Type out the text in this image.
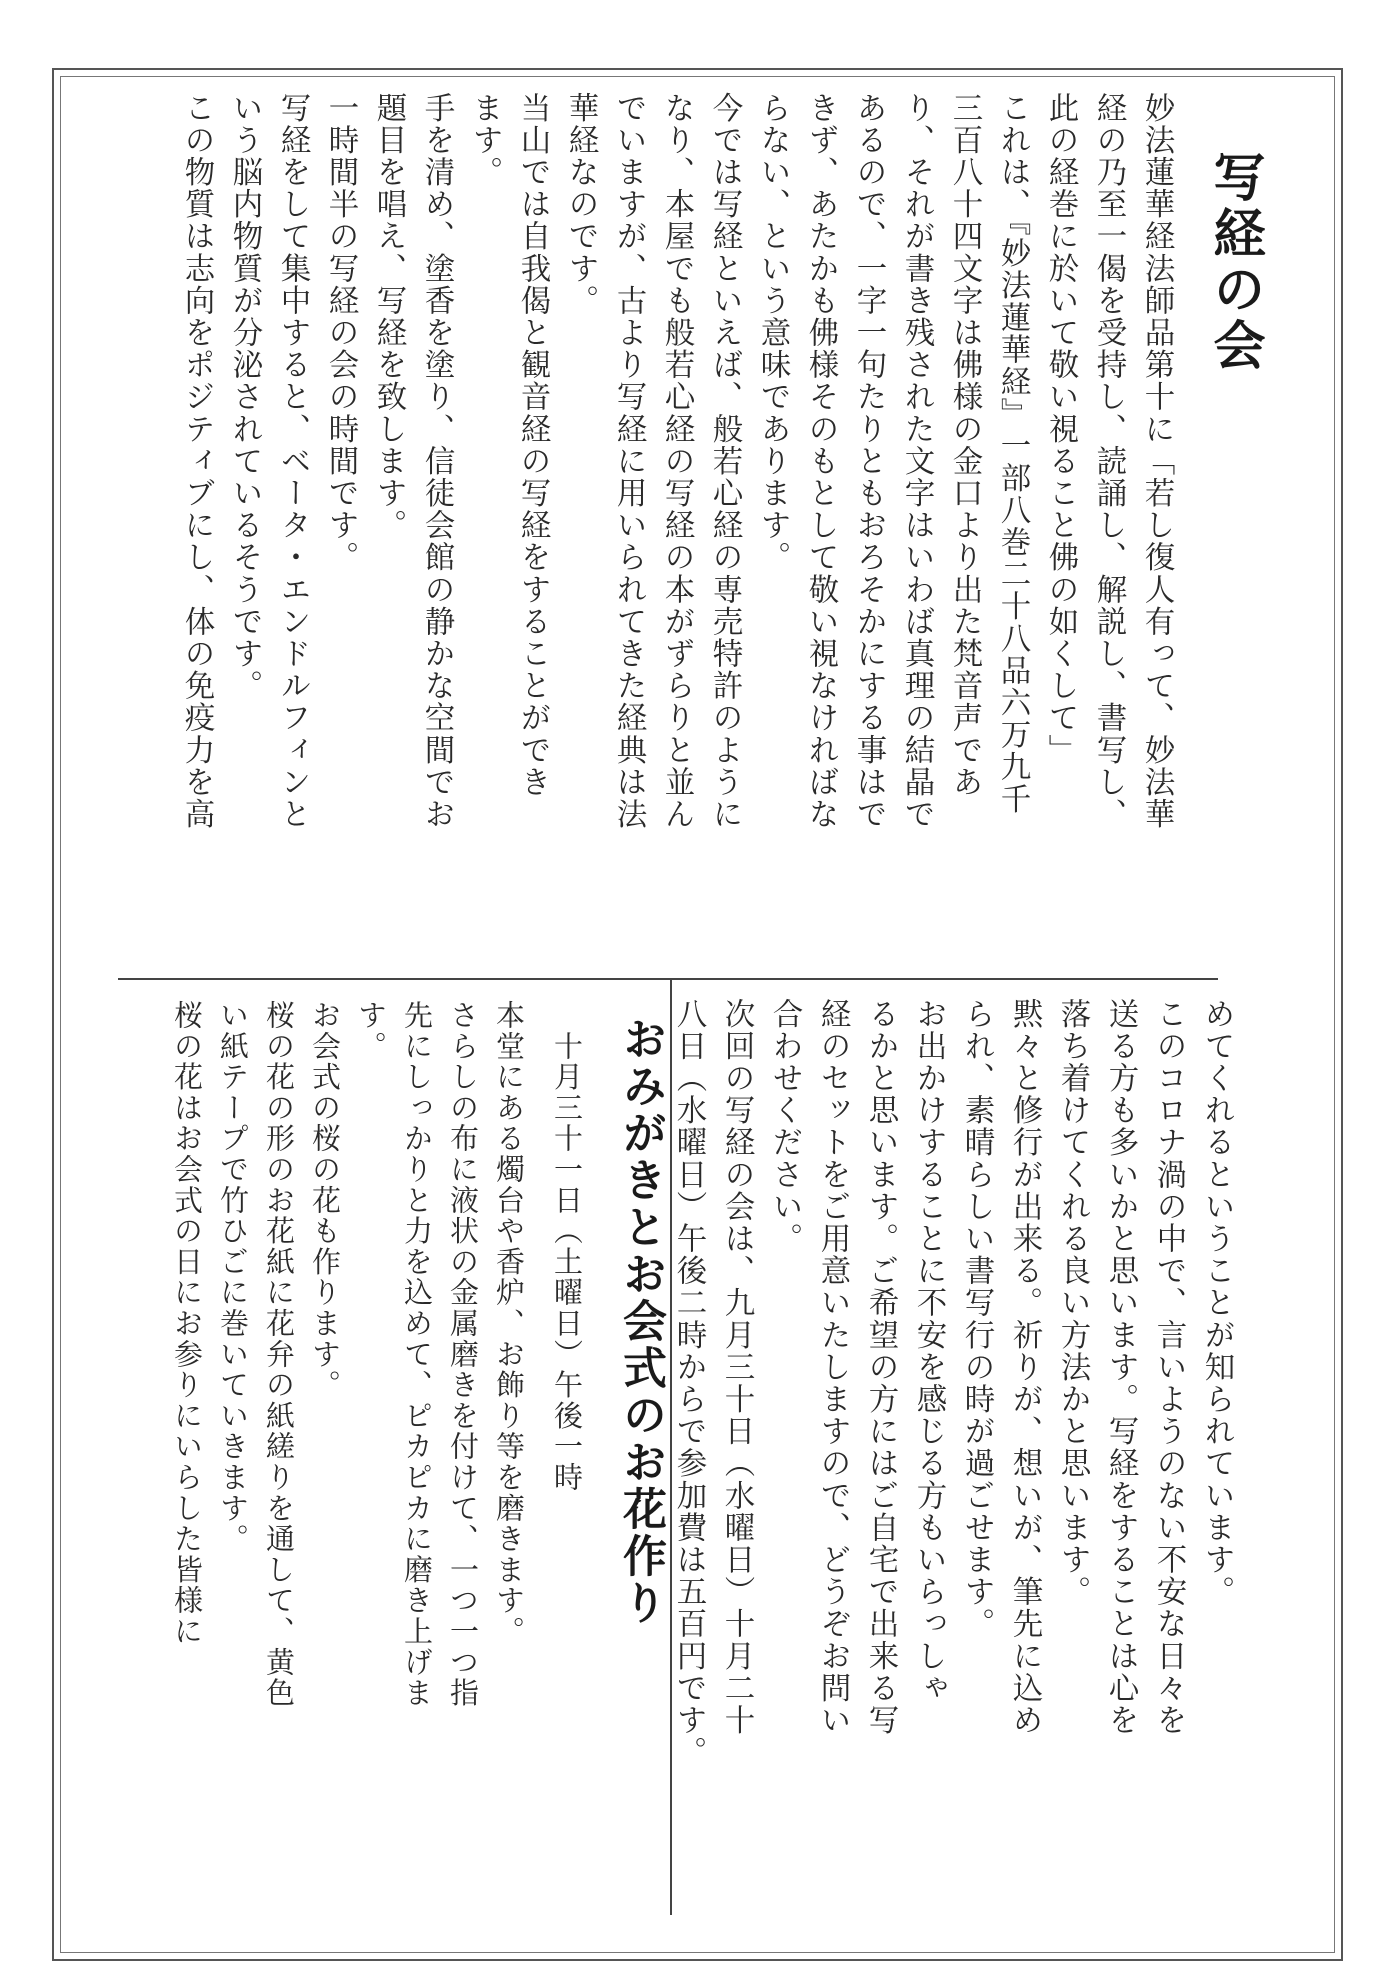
写経の会
妙法蓮華経法師品第十に「若し復人有って、妙法華
経の乃至一偈を受持し、読誦し、解説し、書写し、
此の経巻に於いて敬い視ること佛の如くして」
これは、『妙法蓮華経』一部八巻二十八品六万九千
三百八十四文字は佛様の金口より出た梵音声であ
り、それが書き残された文字はいわば真理の結晶で
あるので、一字一句たりともおろそかにする事はで
きず、あたかも佛様そのもとして敬い視なければな
らない、という意味であります。
今では写経といえば、般若心経の専売特許のように
なり、本屋でも般若心経の写経の本がずらりと並ん
でいますが、古より写経に用いられてきた経典は法
華経なのです。
当山では自我偈と観音経の写経をすることができ
ます。
手を清め、塗香を塗り、信徒会館の静かな空間でお
題目を唱え、写経を致します。
一時間半の写経の会の時間です。
写経をして集中すると、ベータ・エンドルフィンと
いう脳内物質が分泌されているそうです。
この物質は志向をポジティブにし、体の免疫力を高
めてくれるということが知られています。
このコロナ渦の中で、言いようのない不安な日々を
送る方も多いかと思います。写経をすることは心を
落ち着けてくれる良い方法かと思います。
黙々と修行が出来る。祈りが、想いが、筆先に込め
られ、素晴らしい書写行の時が過ごせます。
お出かけすることに不安を感じる方もいらっしゃ
るかと思います。ご希望の方にはご自宅で出来る写
経のセットをご用意いたしますので、どうぞお問い
合わせください。
次回の写経の会は、九月三十日（水曜日）十月二十
八日（水曜日）午後二時からで参加費は五百円です。
おみがきとお会式のお花作り
　十月三十一日（土曜日）午後一時
本堂にある燭台や香炉、お飾り等を磨きます。
さらしの布に液状の金属磨きを付けて、一つ一つ指
先にしっかりと力を込めて、ピカピカに磨き上げま
す。
お会式の桜の花も作ります。
桜の花の形のお花紙に花弁の紙縒りを通して、黄色
い紙テープで竹ひごに巻いていきます。
桜の花はお会式の日にお参りにいらした皆様に
